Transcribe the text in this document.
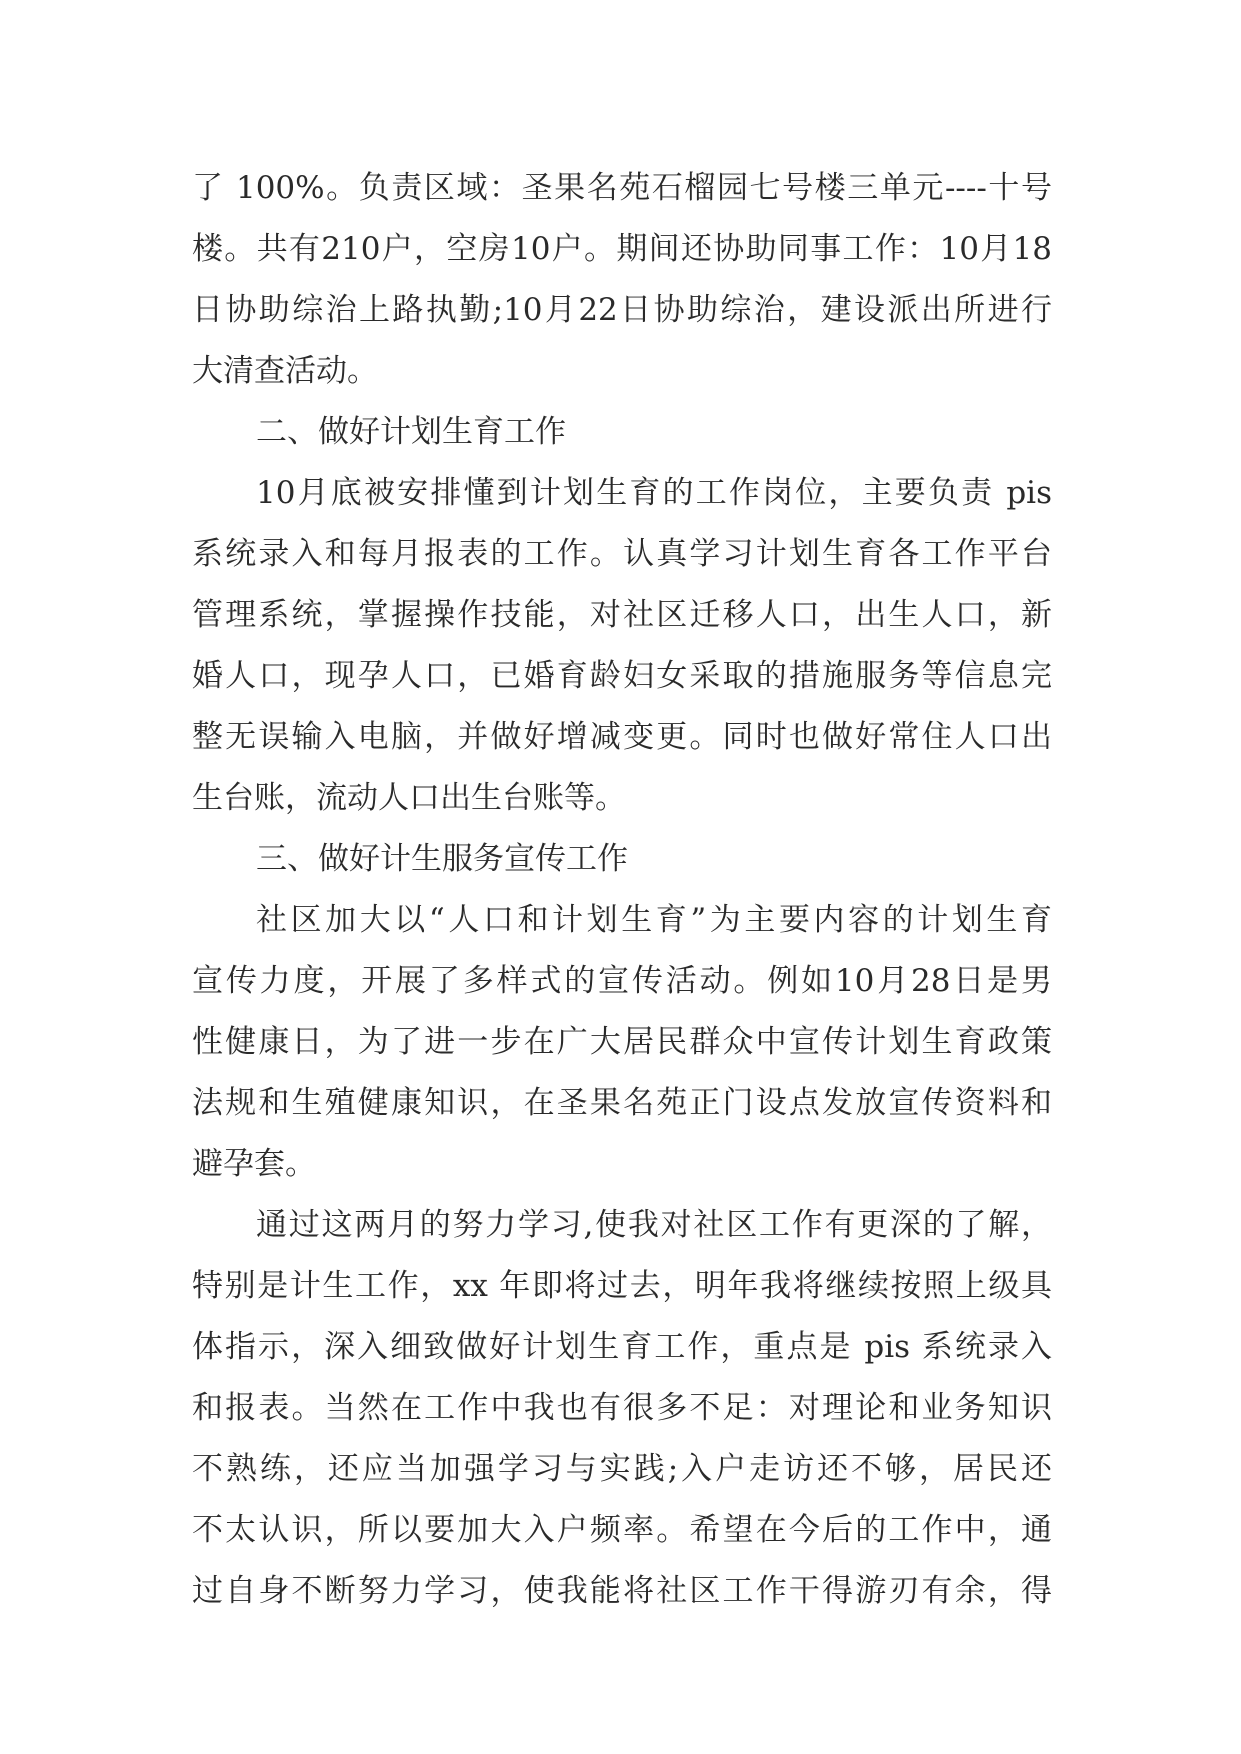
了 100%。负责区域：圣果名苑石榴园七号楼三单元----十号
楼。共有210户，空房10户。期间还协助同事工作：10月18
日协助综治上路执勤;10月22日协助综治，建设派出所进行
大清查活动。
二、做好计划生育工作
10月底被安排懂到计划生育的工作岗位，主要负责 pis
系统录入和每月报表的工作。认真学习计划生育各工作平台
管理系统，掌握操作技能，对社区迁移人口，出生人口，新
婚人口，现孕人口，已婚育龄妇女采取的措施服务等信息完
整无误输入电脑，并做好增减变更。同时也做好常住人口出
生台账，流动人口出生台账等。
三、做好计生服务宣传工作
社区加大以“人口和计划生育”为主要内容的计划生育
宣传力度，开展了多样式的宣传活动。例如10月28日是男
性健康日，为了进一步在广大居民群众中宣传计划生育政策
法规和生殖健康知识，在圣果名苑正门设点发放宣传资料和
避孕套。
通过这两月的努力学习,使我对社区工作有更深的了解，
特别是计生工作，xx 年即将过去，明年我将继续按照上级具
体指示，深入细致做好计划生育工作，重点是 pis 系统录入
和报表。当然在工作中我也有很多不足：对理论和业务知识
不熟练，还应当加强学习与实践;入户走访还不够，居民还
不太认识，所以要加大入户频率。希望在今后的工作中，通
过自身不断努力学习，使我能将社区工作干得游刃有余，得
